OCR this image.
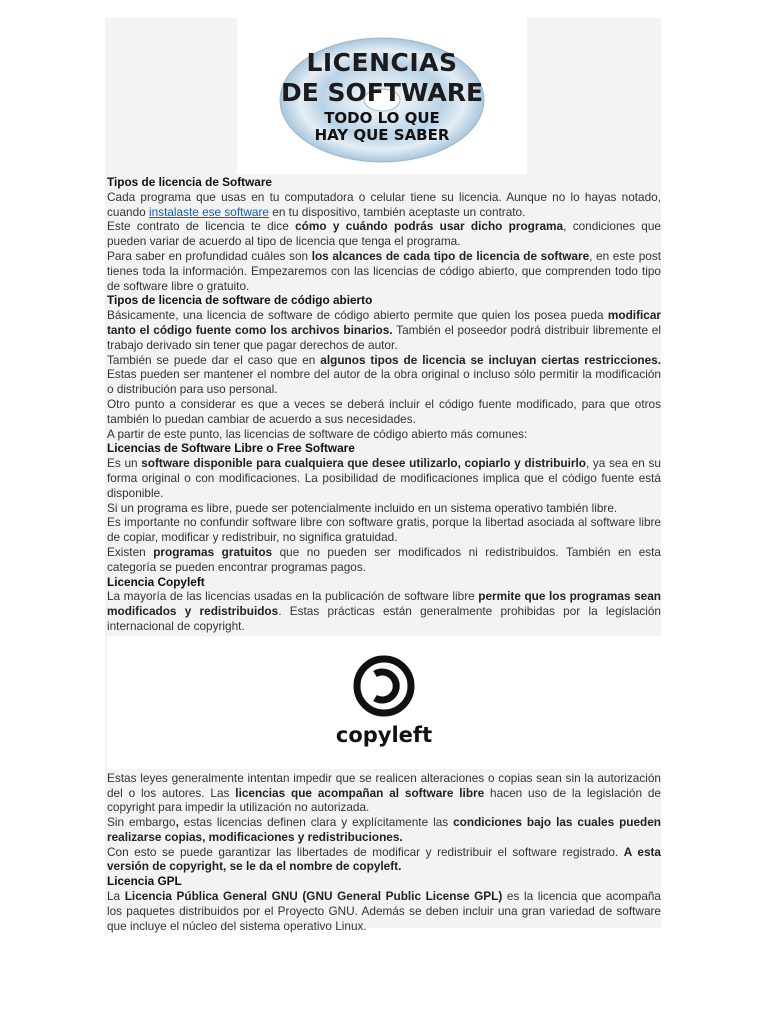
LICENCIAS
DE SOFTWARE
TODO LO QUE
HAY QUE SABER
Tipos de licencia de Software

Cada programa que usas en tu computadora o celular tiene su licencia. Aunque no lo hayas notado, cuando instalaste ese software en tu dispositivo, también aceptaste un contrato.

Este contrato de licencia te dice cómo y cuándo podrás usar dicho programa, condiciones que pueden variar de acuerdo al tipo de licencia que tenga el programa.

Para saber en profundidad cuáles son los alcances de cada tipo de licencia de software, en este post tienes toda la información. Empezaremos con las licencias de código abierto, que comprenden todo tipo de software libre o gratuito.

Tipos de licencia de software de código abierto

Básicamente, una licencia de software de código abierto permite que quien los posea pueda modificar tanto el código fuente como los archivos binarios. También el poseedor podrá distribuir libremente el trabajo derivado sin tener que pagar derechos de autor.

También se puede dar el caso que en algunos tipos de licencia se incluyan ciertas restricciones. Estas pueden ser mantener el nombre del autor de la obra original o incluso sólo permitir la modificación o distribución para uso personal.

Otro punto a considerar es que a veces se deberá incluir el código fuente modificado, para que otros también lo puedan cambiar de acuerdo a sus necesidades.

A partir de este punto, las licencias de software de código abierto más comunes:

Licencias de Software Libre o Free Software

Es un software disponible para cualquiera que desee utilizarlo, copiarlo y distribuirlo, ya sea en su forma original o con modificaciones. La posibilidad de modificaciones implica que el código fuente está disponible.

Si un programa es libre, puede ser potencialmente incluido en un sistema operativo también libre.

Es importante no confundir software libre con software gratis, porque la libertad asociada al software libre de copiar, modificar y redistribuir, no significa gratuidad.

Existen programas gratuitos que no pueden ser modificados ni redistribuidos. También en esta categoría se pueden encontrar programas pagos.

Licencia Copyleft

La mayoría de las licencias usadas en la publicación de software libre permite que los programas sean modificados y redistribuidos. Estas prácticas están generalmente prohibidas por la legislación internacional de copyright.

copyleft

Estas leyes generalmente intentan impedir que se realicen alteraciones o copias sean sin la autorización del o los autores. Las licencias que acompañan al software libre hacen uso de la legislación de copyright para impedir la utilización no autorizada.

Sin embargo, estas licencias definen clara y explícitamente las condiciones bajo las cuales pueden realizarse copias, modificaciones y redistribuciones.

Con esto se puede garantizar las libertades de modificar y redistribuir el software registrado. A esta versión de copyright, se le da el nombre de copyleft.

Licencia GPL

La Licencia Pública General GNU (GNU General Public License GPL) es la licencia que acompaña los paquetes distribuidos por el Proyecto GNU. Además se deben incluir una gran variedad de software que incluye el núcleo del sistema operativo Linux.
